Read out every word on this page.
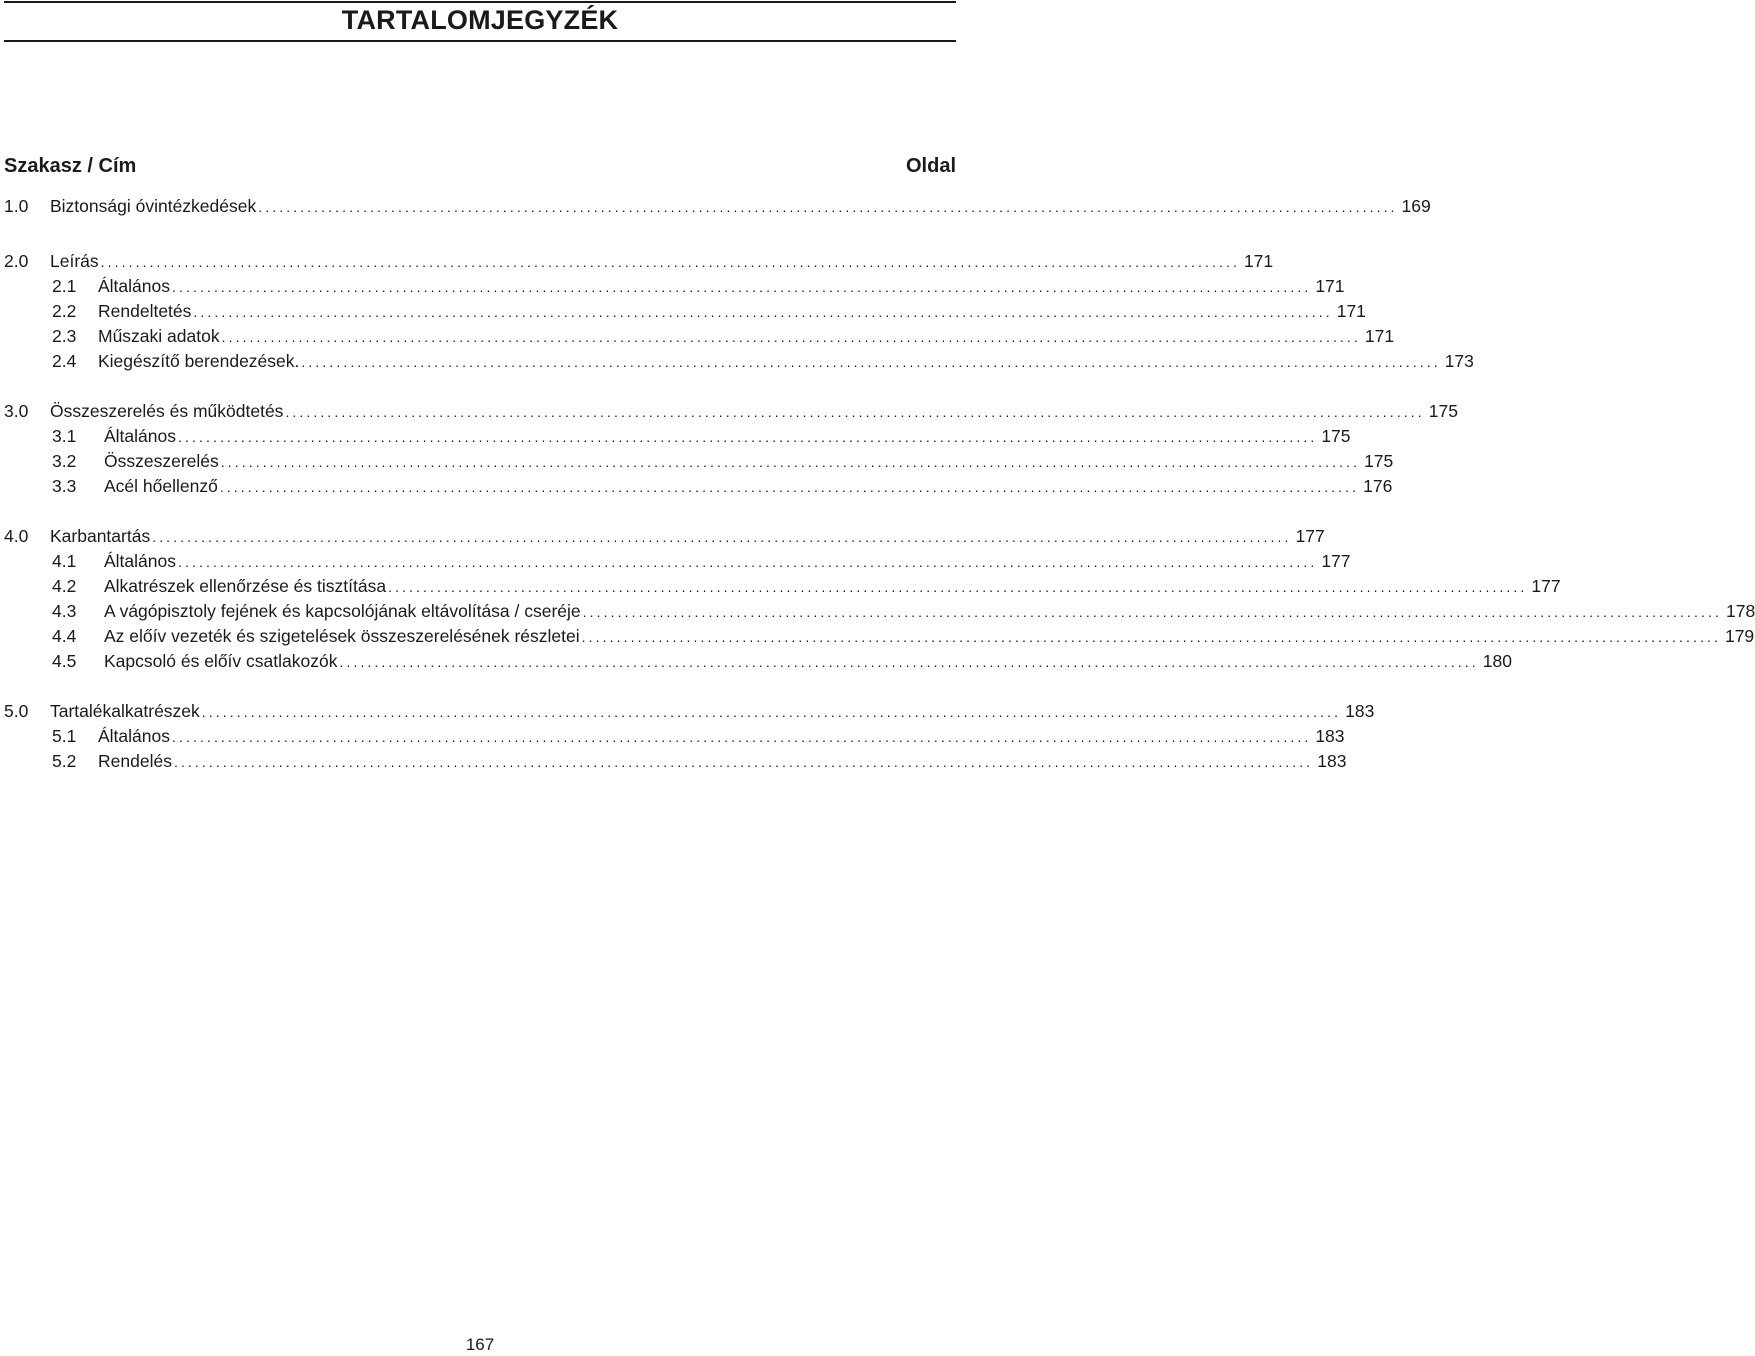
TARTALOMJEGYZÉK
Szakasz / Cím	Oldal
1.0	Biztonsági óvintézkedések ................................................................................................................................................................... 169
2.0	Leírás ................................................................................................................................................................... 171
2.1	Általános ................................................................................................................................................................... 171
2.2	Rendeltetés ................................................................................................................................................................... 171
2.3	Műszaki adatok ................................................................................................................................................................... 171
2.4	Kiegészítő berendezések. ................................................................................................................................................................... 173
3.0	Összeszerelés és működtetés ................................................................................................................................................................... 175
3.1	Általános ................................................................................................................................................................... 175
3.2	Összeszerelés ................................................................................................................................................................... 175
3.3	Acél hőellenző ................................................................................................................................................................... 176
4.0	Karbantartás ................................................................................................................................................................... 177
4.1	Általános ................................................................................................................................................................... 177
4.2	Alkatrészek ellenőrzése és tisztítása ................................................................................................................................................................... 177
4.3	A vágópisztoly fejének és kapcsolójának eltávolítása / cseréje ................................................................................................................................................................... 178
4.4	Az előív vezeték és szigetelések összeszerelésének részletei ................................................................................................................................................................... 179
4.5	Kapcsoló és előív csatlakozók ................................................................................................................................................................... 180
5.0	Tartalékalkatrészek ................................................................................................................................................................... 183
5.1	Általános ................................................................................................................................................................... 183
5.2	Rendelés ................................................................................................................................................................... 183
167
